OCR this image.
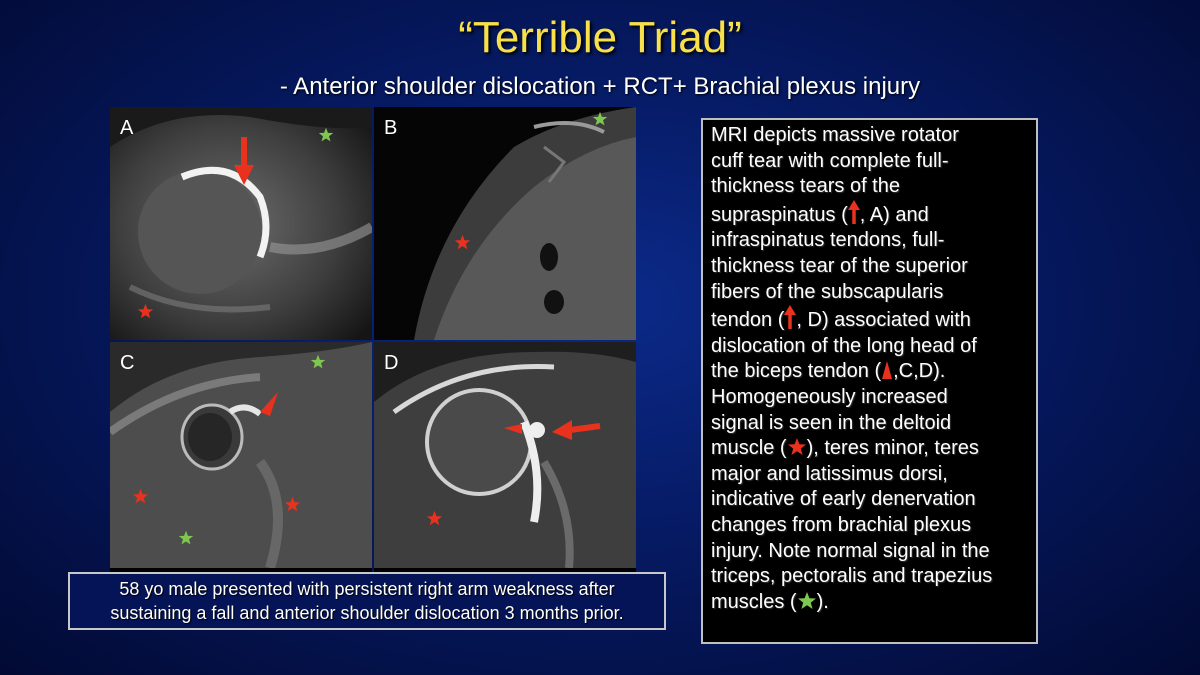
“Terrible Triad”
- Anterior shoulder dislocation + RCT+ Brachial plexus injury
A	B
C	D
58 yo male presented with persistent right arm weakness after
sustaining a fall and anterior shoulder dislocation 3 months prior.
MRI depicts massive rotator
cuff tear with complete full-
thickness tears of the
supraspinatus ( , A) and
infraspinatus tendons, full-
thickness tear of the superior
fibers of the subscapularis
tendon ( , D) associated with
dislocation of the long head of
the biceps tendon ( ,C,D).
Homogeneously increased
signal is seen in the deltoid
muscle ( ), teres minor, teres
major and latissimus dorsi,
indicative of early denervation
changes from brachial plexus
injury. Note normal signal in the
triceps, pectoralis and trapezius
muscles ( ).
